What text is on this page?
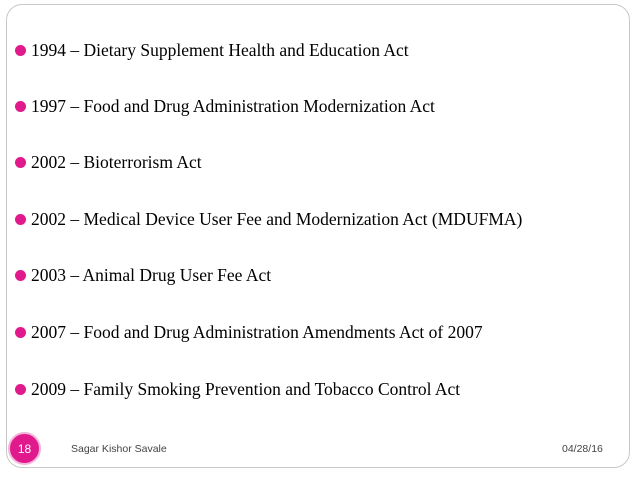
1994 – Dietary Supplement Health and Education Act
1997 – Food and Drug Administration Modernization Act
2002 – Bioterrorism Act
2002 – Medical Device User Fee and Modernization Act (MDUFMA)
2003 – Animal Drug User Fee Act
2007 – Food and Drug Administration Amendments Act of 2007
2009 – Family Smoking Prevention and Tobacco Control Act
18	Sagar Kishor Savale	04/28/16
